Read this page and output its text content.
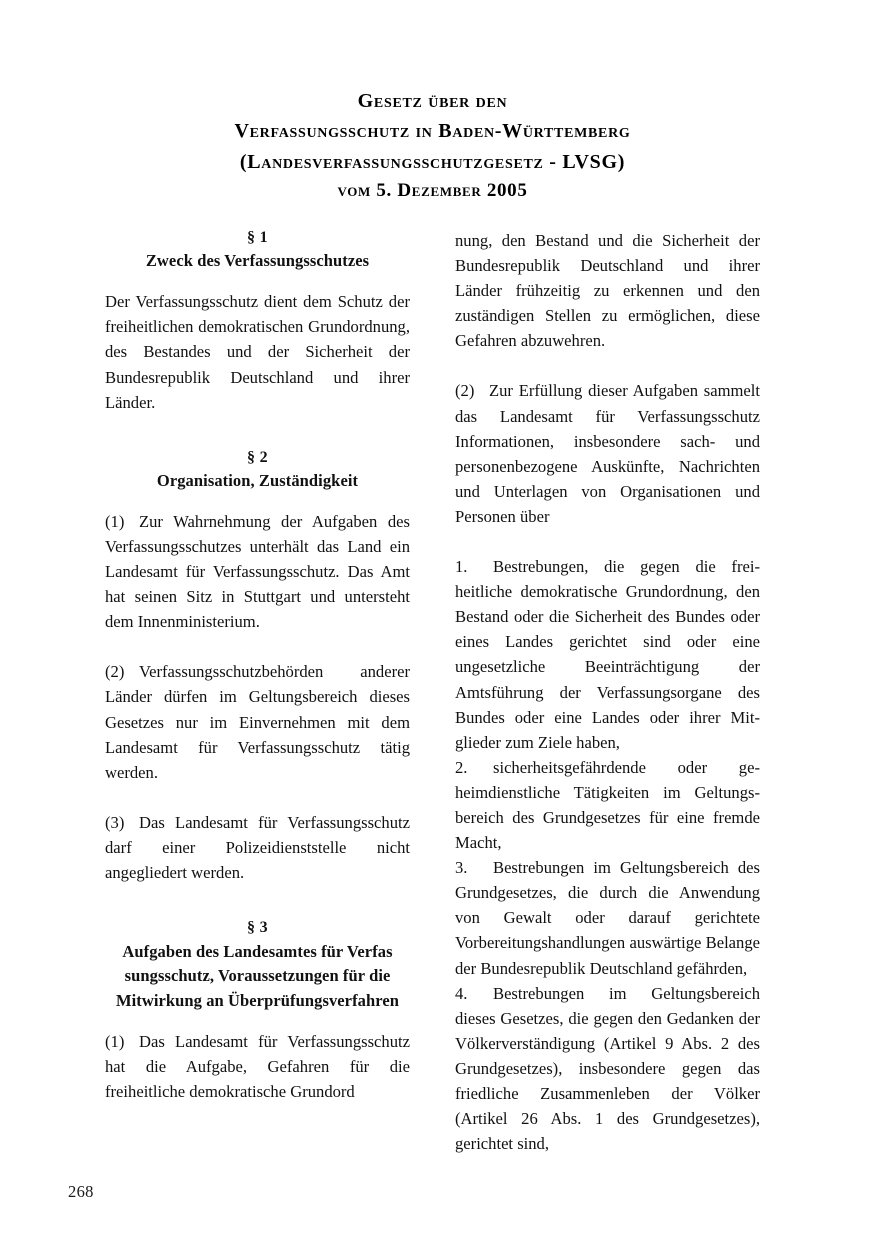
Gesetz über den
Verfassungsschutz in Baden-Württemberg
(Landesverfassungsschutzgesetz - LVSG)
vom 5. Dezember 2005
§ 1
Zweck des Verfassungsschutzes

Der Verfassungsschutz dient dem Schutz der freiheitlichen demokratischen Grundordnung, des Bestandes und der Sicherheit der Bundesrepublik Deutschland und ihrer Länder.

§ 2
Organisation, Zuständigkeit

(1) Zur Wahrnehmung der Aufgaben des Verfassungsschutzes unterhält das Land ein Landesamt für Verfassungsschutz. Das Amt hat seinen Sitz in Stuttgart und untersteht dem Innenministerium.

(2) Verfassungsschutzbehörden anderer Länder dürfen im Geltungsbereich dieses Gesetzes nur im Einvernehmen mit dem Landesamt für Verfassungsschutz tätig werden.

(3) Das Landesamt für Verfassungsschutz darf einer Polizeidienststelle nicht angegliedert werden.

§ 3
Aufgaben des Landesamtes für Verfas
sungsschutz, Voraussetzungen für die
Mitwirkung an Überprüfungsverfahren

(1) Das Landesamt für Verfassungsschutz hat die Aufgabe, Gefahren für die freiheitliche demokratische Grundord

nung, den Bestand und die Sicherheit der Bundesrepublik Deutschland und ihrer Länder frühzeitig zu erkennen und den zuständigen Stellen zu ermöglichen, diese Gefahren abzuwehren.

(2) Zur Erfüllung dieser Aufgaben sammelt das Landesamt für Verfassungsschutz Informationen, insbesondere sach- und personenbezogene Auskünfte, Nachrichten und Unterlagen von Organisationen und Personen über

1. Bestrebungen, die gegen die freiheitliche demokratische Grundordnung, den Bestand oder die Sicherheit des Bundes oder eines Landes gerichtet sind oder eine ungesetzliche Beeinträchtigung der Amtsführung der Verfassungsorgane des Bundes oder eine Landes oder ihrer Mitglieder zum Ziele haben,

2. sicherheitsgefährdende oder geheimdienstliche Tätigkeiten im Geltungsbereich des Grundgesetzes für eine fremde Macht,

3. Bestrebungen im Geltungsbereich des Grundgesetzes, die durch die Anwendung von Gewalt oder darauf gerichtete Vorbereitungshandlungen auswärtige Belange der Bundesrepublik Deutschland gefährden,

4. Bestrebungen im Geltungsbereich dieses Gesetzes, die gegen den Gedanken der Völkerverständigung (Artikel 9 Abs. 2 des Grundgesetzes), insbesondere gegen das friedliche Zusammenleben der Völker (Artikel 26 Abs. 1 des Grundgesetzes), gerichtet sind,

268
